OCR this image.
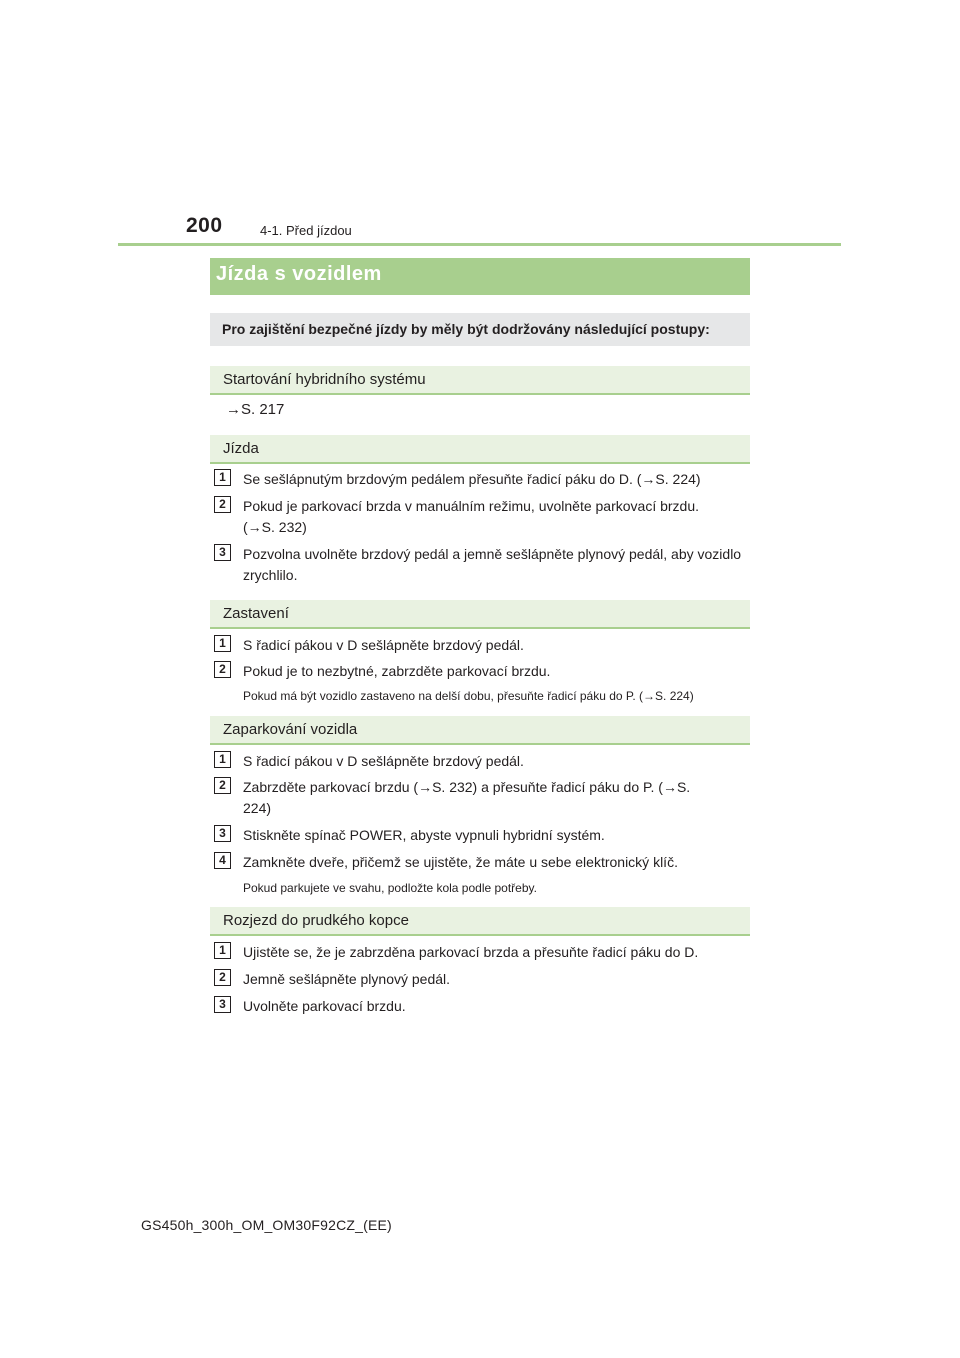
200	4-1. Před jízdou
Jízda s vozidlem
Pro zajištění bezpečné jízdy by měly být dodržovány následující postupy:
Startování hybridního systému
→S. 217
Jízda
1	Se sešlápnutým brzdovým pedálem přesuňte řadicí páku do D. (→S. 224)
2	Pokud je parkovací brzda v manuálním režimu, uvolněte parkovací brzdu. (→S. 232)
3	Pozvolna uvolněte brzdový pedál a jemně sešlápněte plynový pedál, aby vozidlo zrychlilo.
Zastavení
1	S řadicí pákou v D sešlápněte brzdový pedál.
2	Pokud je to nezbytné, zabrzděte parkovací brzdu.
Pokud má být vozidlo zastaveno na delší dobu, přesuňte řadicí páku do P. (→S. 224)
Zaparkování vozidla
1	S řadicí pákou v D sešlápněte brzdový pedál.
2	Zabrzděte parkovací brzdu (→S. 232) a přesuňte řadicí páku do P. (→S. 224)
3	Stiskněte spínač POWER, abyste vypnuli hybridní systém.
4	Zamkněte dveře, přičemž se ujistěte, že máte u sebe elektronický klíč.
Pokud parkujete ve svahu, podložte kola podle potřeby.
Rozjezd do prudkého kopce
1	Ujistěte se, že je zabrzděna parkovací brzda a přesuňte řadicí páku do D.
2	Jemně sešlápněte plynový pedál.
3	Uvolněte parkovací brzdu.
GS450h_300h_OM_OM30F92CZ_(EE)
